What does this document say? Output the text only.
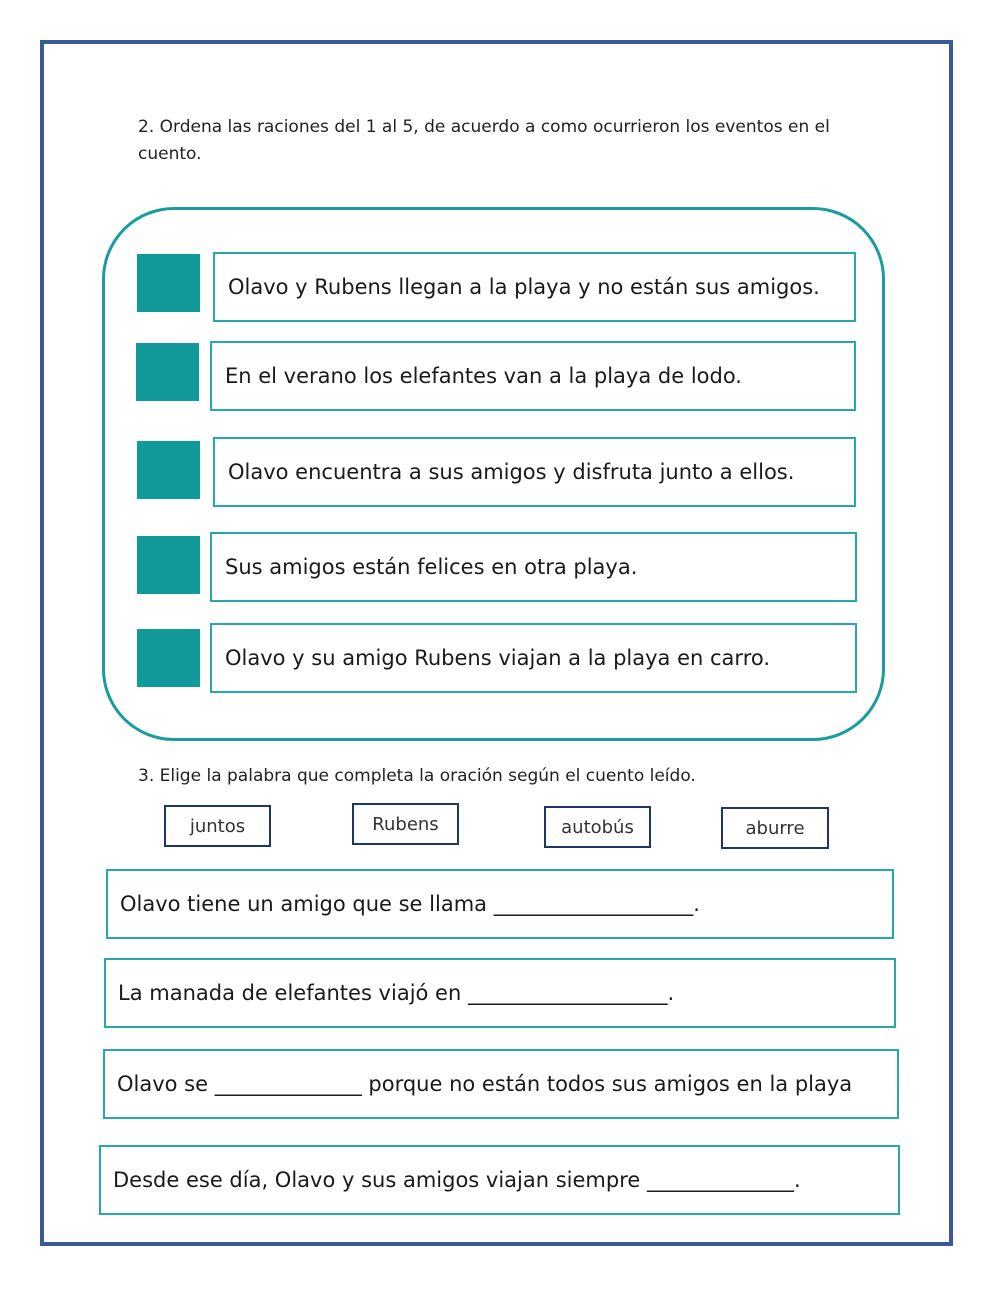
2. Ordena las raciones del 1 al 5, de acuerdo a como ocurrieron los eventos en el cuento.
Olavo y Rubens llegan a la playa y no están sus amigos.
En el verano los elefantes van a la playa de lodo.
Olavo encuentra a sus amigos y disfruta junto a ellos.
Sus amigos están felices en otra playa.
Olavo y su amigo Rubens viajan a la playa en carro.
3. Elige la palabra que completa la oración según el cuento leído.
juntos	Rubens	autobús	aburre
Olavo tiene un amigo que se llama ___________________.
La manada de elefantes viajó en ___________________.
Olavo se ______________ porque no están todos sus amigos en la playa
Desde ese día, Olavo y sus amigos viajan siempre ______________.
